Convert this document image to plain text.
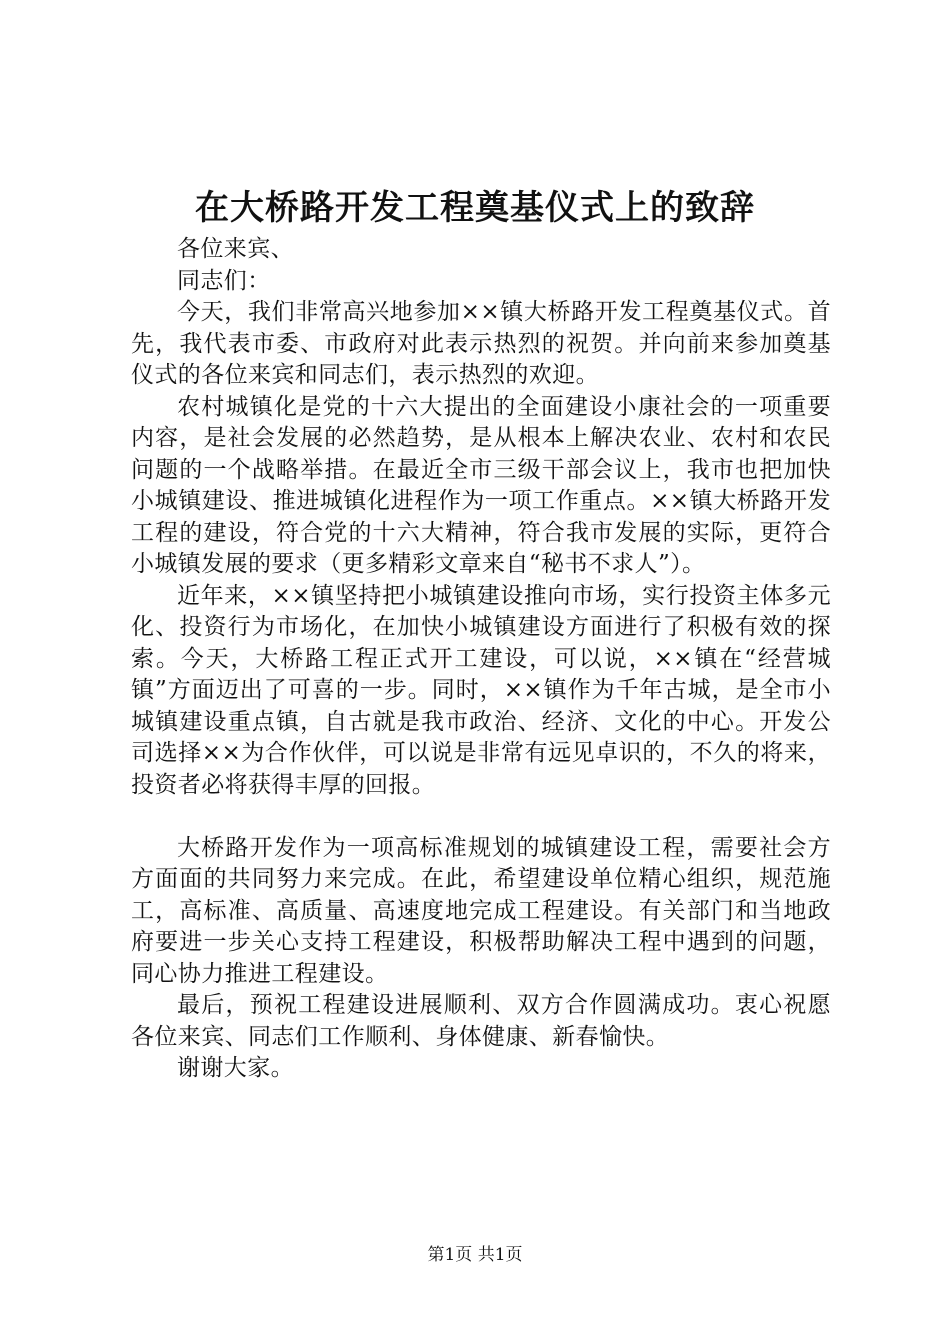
在大桥路开发工程奠基仪式上的致辞

各位来宾、

同志们：

今天，我们非常高兴地参加××镇大桥路开发工程奠基仪式。首先，我代表市委、市政府对此表示热烈的祝贺。并向前来参加奠基仪式的各位来宾和同志们，表示热烈的欢迎。

农村城镇化是党的十六大提出的全面建设小康社会的一项重要内容，是社会发展的必然趋势，是从根本上解决农业、农村和农民问题的一个战略举措。在最近全市三级干部会议上，我市也把加快小城镇建设、推进城镇化进程作为一项工作重点。××镇大桥路开发工程的建设，符合党的十六大精神，符合我市发展的实际，更符合小城镇发展的要求（更多精彩文章来自“秘书不求人”）。

近年来，××镇坚持把小城镇建设推向市场，实行投资主体多元化、投资行为市场化，在加快小城镇建设方面进行了积极有效的探索。今天，大桥路工程正式开工建设，可以说，××镇在“经营城镇”方面迈出了可喜的一步。同时，××镇作为千年古城，是全市小城镇建设重点镇，自古就是我市政治、经济、文化的中心。开发公司选择××为合作伙伴，可以说是非常有远见卓识的，不久的将来，投资者必将获得丰厚的回报。

大桥路开发作为一项高标准规划的城镇建设工程，需要社会方方面面的共同努力来完成。在此，希望建设单位精心组织，规范施工，高标准、高质量、高速度地完成工程建设。有关部门和当地政府要进一步关心支持工程建设，积极帮助解决工程中遇到的问题，同心协力推进工程建设。

最后，预祝工程建设进展顺利、双方合作圆满成功。衷心祝愿各位来宾、同志们工作顺利、身体健康、新春愉快。

谢谢大家。

第1页 共1页
